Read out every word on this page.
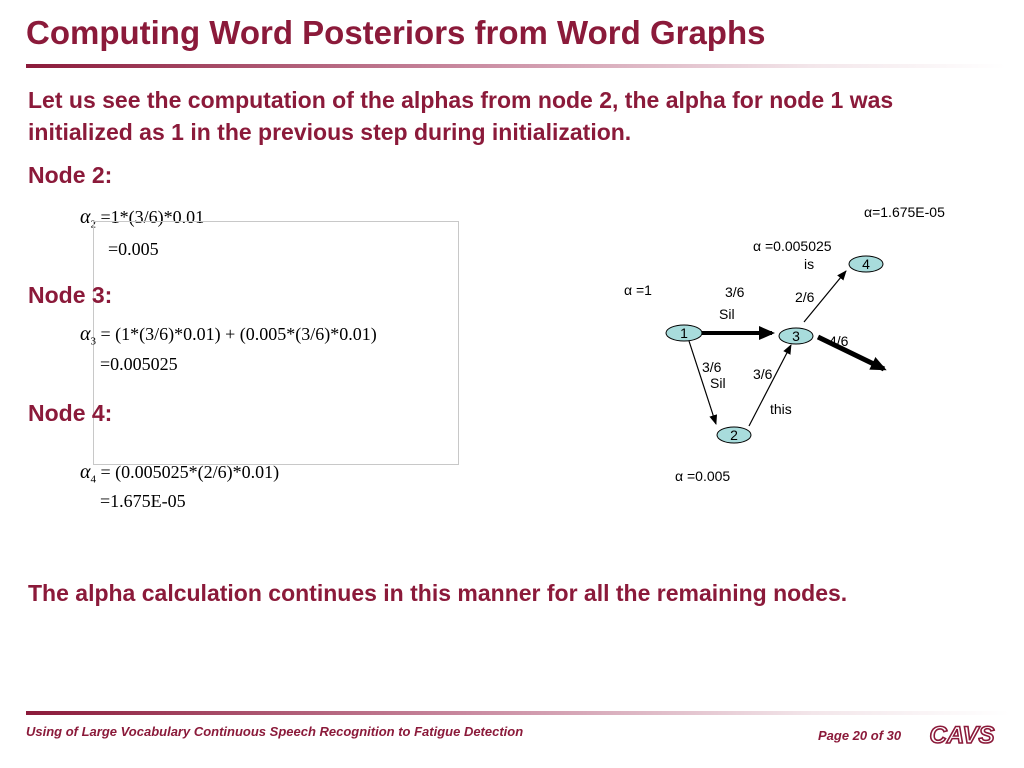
Computing Word Posteriors from Word Graphs

Let us see the computation of the alphas from node 2, the alpha for node 1 was initialized as 1 in the previous step during initialization.

Node 2:

$\alpha_2 =1*(3/6)*0.01$
=0.005

Node 3:

$\alpha_3 = (1*(3/6)*0.01) + (0.005*(3/6)*0.01)$
=0.005025

Node 4:

$\alpha_4 = (0.005025*(2/6)*0.01)$
=1.675E-05
1
2
3
4
α =1
α =0.005
α =0.005025
α=1.675E-05
3/6
Sil
3/6
Sil
3/6
this
2/6
is
4/6

The alpha calculation continues in this manner for all the remaining nodes.

Using of Large Vocabulary Continuous Speech Recognition to Fatigue Detection	Page 20 of 30 CAVS
